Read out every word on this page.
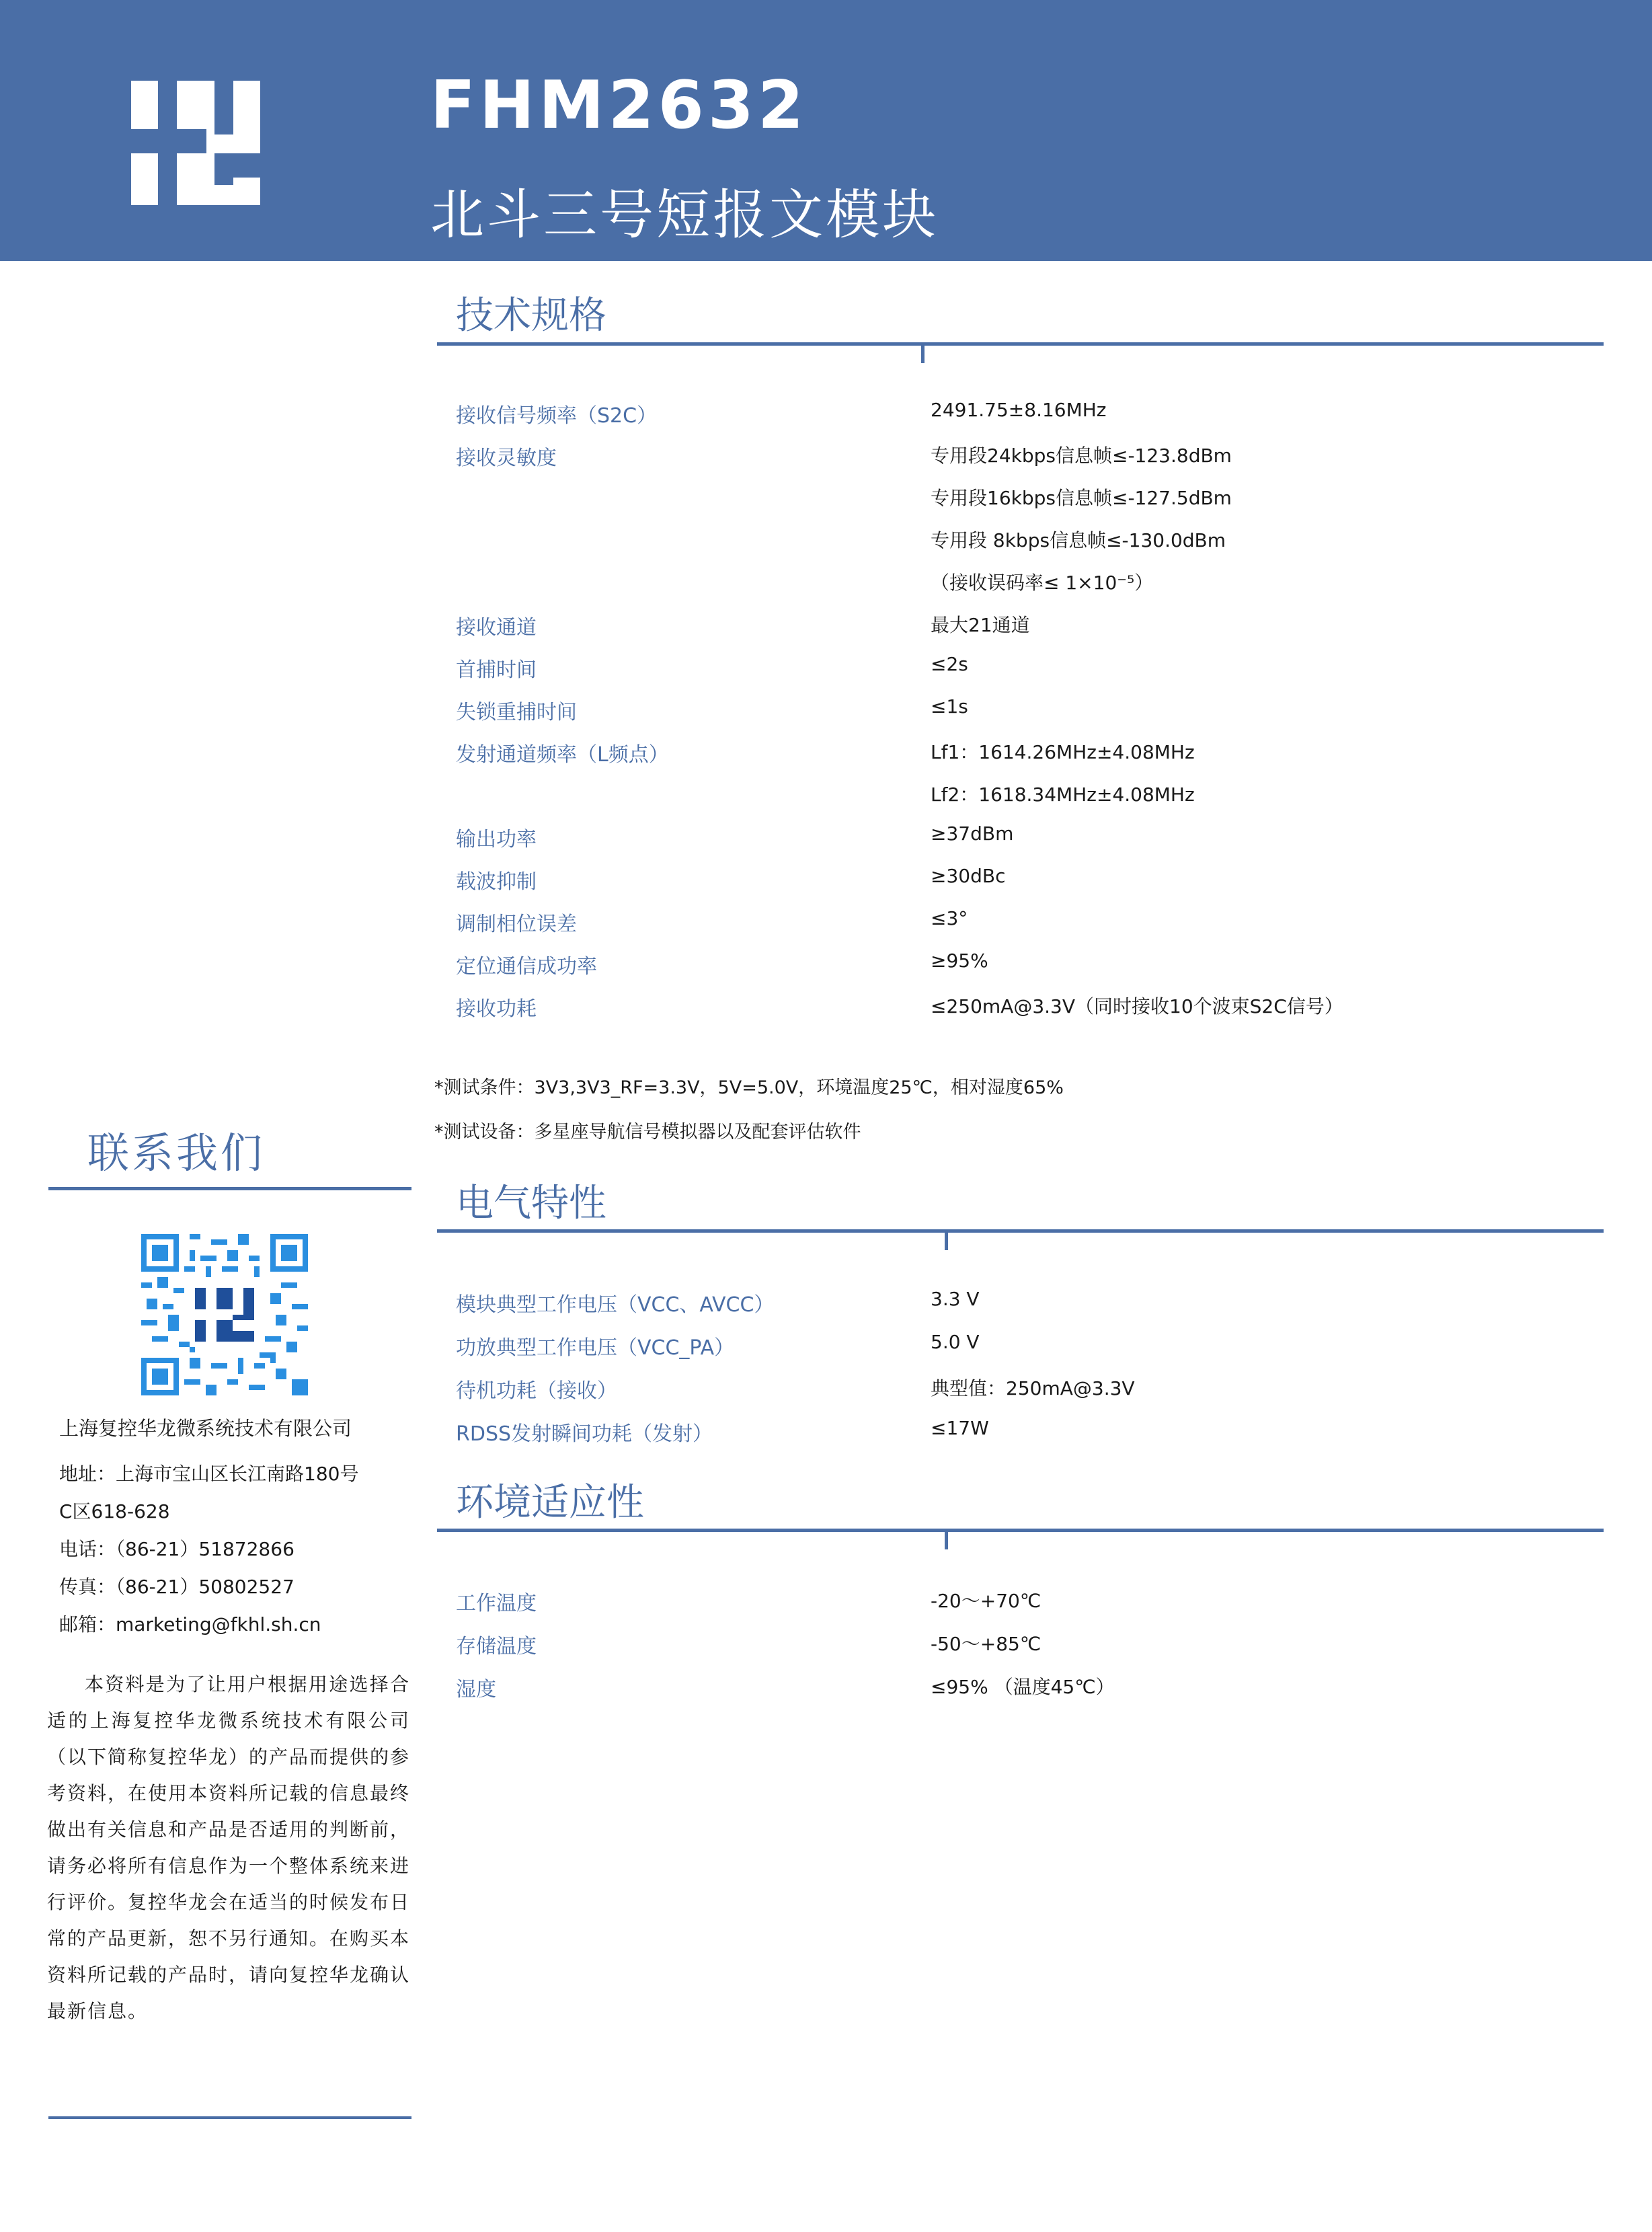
FHM2632
北斗三号短报文模块
技术规格
接收信号频率（S2C）	2491.75±8.16MHz
接收灵敏度	专用段24kbps信息帧≤-123.8dBm
专用段16kbps信息帧≤-127.5dBm
专用段 8kbps信息帧≤-130.0dBm
（接收误码率≤ 1×10⁻⁵）
接收通道	最大21通道
首捕时间	≤2s
失锁重捕时间	≤1s
发射通道频率（L频点）	Lf1：1614.26MHz±4.08MHz
Lf2：1618.34MHz±4.08MHz
输出功率	≥37dBm
载波抑制	≥30dBc
调制相位误差	≤3°
定位通信成功率	≥95%
接收功耗	≤250mA@3.3V（同时接收10个波束S2C信号）
*测试条件：3V3,3V3_RF=3.3V，5V=5.0V，环境温度25℃，相对湿度65%
*测试设备：多星座导航信号模拟器以及配套评估软件
电气特性
模块典型工作电压（VCC、AVCC）	3.3 V
功放典型工作电压（VCC_PA）	5.0 V
待机功耗（接收）	典型值：250mA@3.3V
RDSS发射瞬间功耗（发射）	≤17W
环境适应性
工作温度	-20～+70℃
存储温度	-50～+85℃
湿度	≤95% （温度45℃）
联系我们
上海复控华龙微系统技术有限公司
地址：上海市宝山区长江南路180号
C区618-628
电话：（86-21）51872866
传真：（86-21）50802527
邮箱：marketing@fkhl.sh.cn
本资料是为了让用户根据用途选择合适的上海复控华龙微系统技术有限公司（以下简称复控华龙）的产品而提供的参考资料，在使用本资料所记载的信息最终做出有关信息和产品是否适用的判断前，请务必将所有信息作为一个整体系统来进行评价。复控华龙会在适当的时候发布日常的产品更新，恕不另行通知。在购买本资料所记载的产品时，请向复控华龙确认最新信息。
